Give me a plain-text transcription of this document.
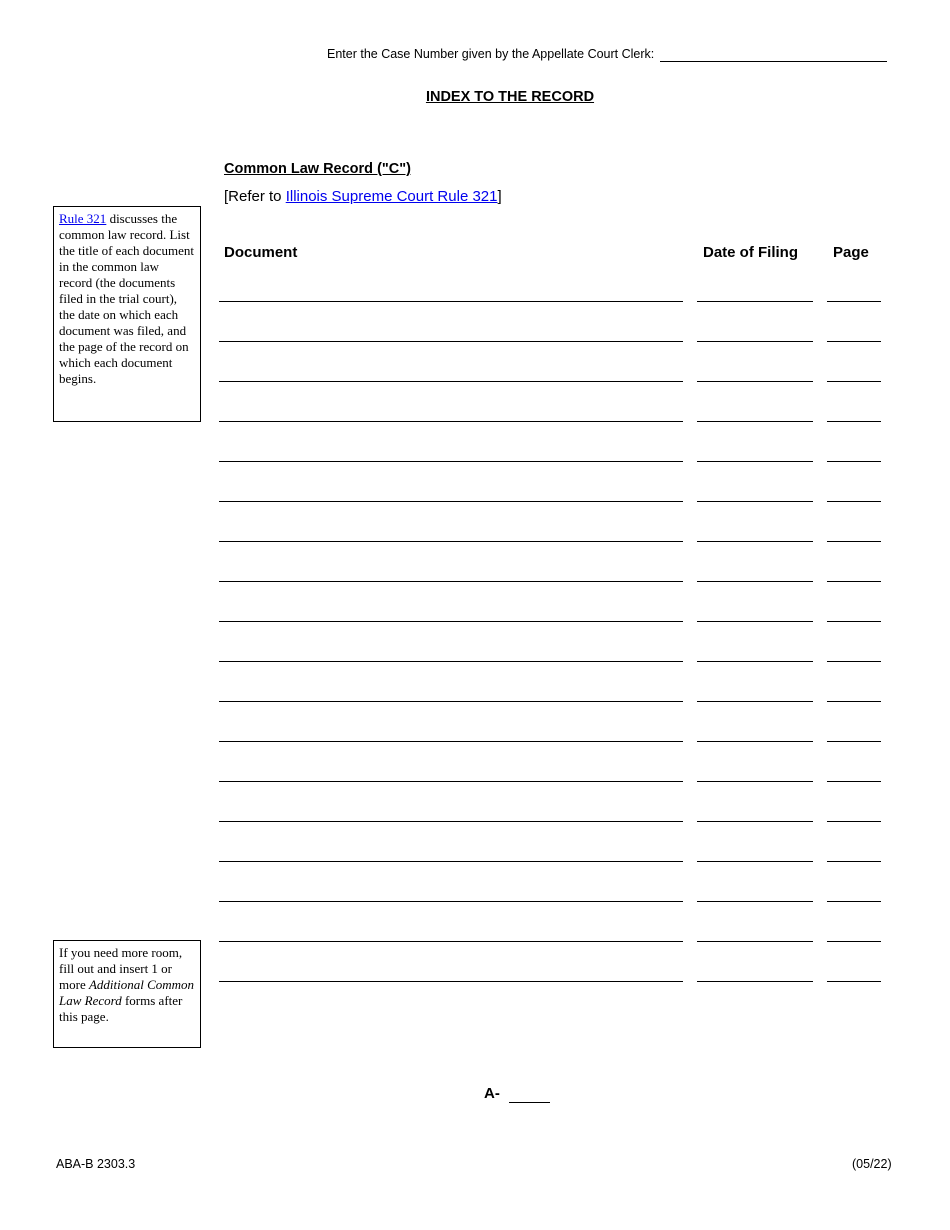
Enter the Case Number given by the Appellate Court Clerk:
INDEX TO THE RECORD
Common Law Record ("C")
[Refer to Illinois Supreme Court Rule 321]
Rule 321 discusses the common law record. List the title of each document in the common law record (the documents filed in the trial court), the date on which each document was filed, and the page of the record on which each document begins.
Document	Date of Filing Page
If you need more room, fill out and insert 1 or more Additional Common Law Record forms after this page.
A-
ABA-B 2303.3	(05/22)
